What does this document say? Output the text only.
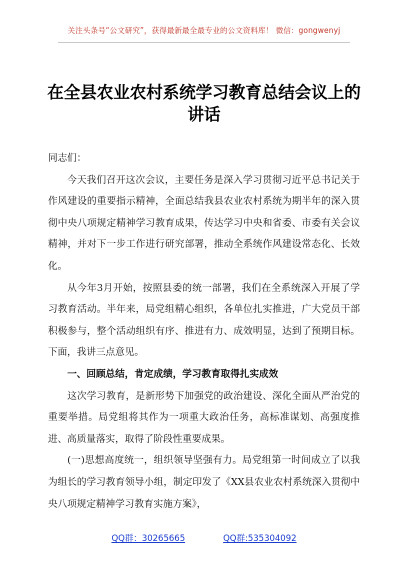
关注头条号“公文研究”，获得最新最全最专业的公文资料库！ 微信：gongwenyj
在全县农业农村系统学习教育总结会议上的讲话

同志们：

今天我们召开这次会议，主要任务是深入学习贯彻习近平总书记关于作风建设的重要指示精神，全面总结我县农业农村系统为期半年的深入贯彻中央八项规定精神学习教育成果，传达学习中央和省委、市委有关会议精神，并对下一步工作进行研究部署，推动全系统作风建设常态化、长效化。

从今年3月开始，按照县委的统一部署，我们在全系统深入开展了学习教育活动。半年来，局党组精心组织，各单位扎实推进，广大党员干部积极参与，整个活动组织有序、推进有力、成效明显，达到了预期目标。下面，我讲三点意见。

一、回顾总结，肯定成绩，学习教育取得扎实成效

这次学习教育，是新形势下加强党的政治建设、深化全面从严治党的重要举措。局党组将其作为一项重大政治任务，高标准谋划、高强度推进、高质量落实，取得了阶段性重要成果。

(一)思想高度统一，组织领导坚强有力。局党组第一时间成立了以我为组长的学习教育领导小组，制定印发了《XX县农业农村系统深入贯彻中央八项规定精神学习教育实施方案》，

QQ群：30265665	QQ群:535304092
